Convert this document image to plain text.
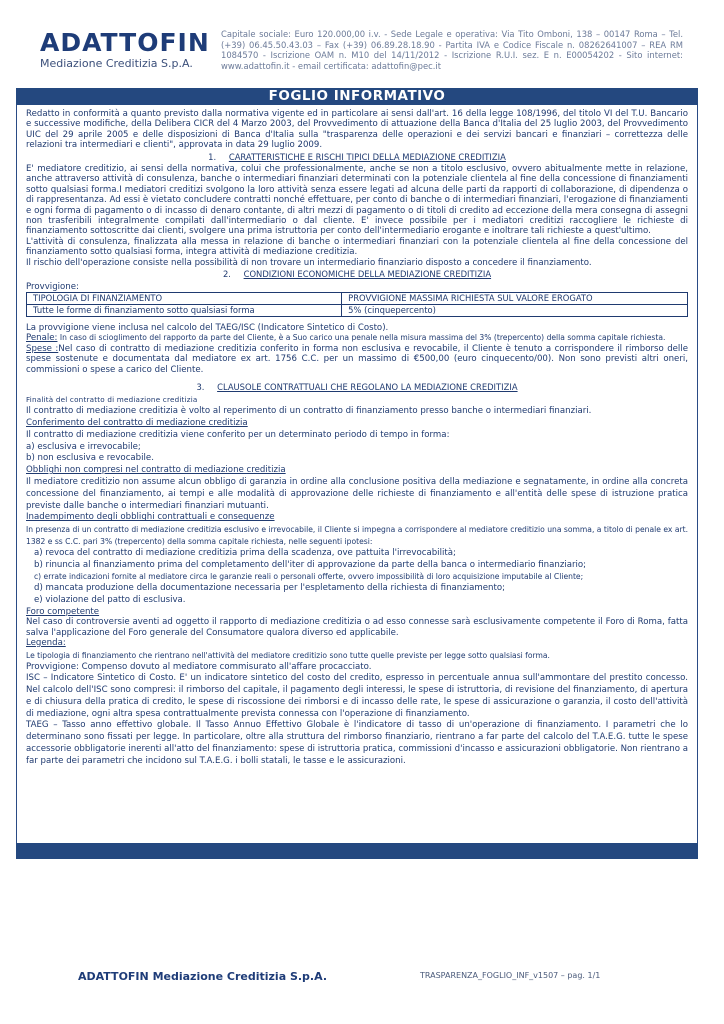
ADATTOFIN
Mediazione Creditizia S.p.A.
Capitale sociale: Euro 120.000,00 i.v. - Sede Legale e operativa: Via Tito Omboni, 138 – 00147 Roma – Tel. (+39) 06.45.50.43.03 – Fax (+39) 06.89.28.18.90 - Partita IVA e Codice Fiscale n. 08262641007 – REA RM 1084570 - Iscrizione OAM n. M10 del 14/11/2012 - Iscrizione R.U.I. sez. E n. E00054202 - Sito internet: www.adattofin.it - email certificata: adattofin@pec.it
FOGLIO INFORMATIVO

Redatto in conformità a quanto previsto dalla normativa vigente ed in particolare ai sensi dall'art. 16 della legge 108/1996, del titolo VI del T.U. Bancario e successive modifiche, della Delibera CICR del 4 Marzo 2003, del Provvedimento di attuazione della Banca d'Italia del 25 luglio 2003, del Provvedimento UIC del 29 aprile 2005 e delle disposizioni di Banca d'Italia sulla "trasparenza delle operazioni e dei servizi bancari e finanziari – correttezza delle relazioni tra intermediari e clienti", approvata in data 29 luglio 2009.

1. CARATTERISTICHE E RISCHI TIPICI DELLA MEDIAZIONE CREDITIZIA

E' mediatore creditizio, ai sensi della normativa, colui che professionalmente, anche se non a titolo esclusivo, ovvero abitualmente mette in relazione, anche attraverso attività di consulenza, banche o intermediari finanziari determinati con la potenziale clientela al fine della concessione di finanziamenti sotto qualsiasi forma.I mediatori creditizi svolgono la loro attività senza essere legati ad alcuna delle parti da rapporti di collaborazione, di dipendenza o di rappresentanza. Ad essi è vietato concludere contratti nonché effettuare, per conto di banche o di intermediari finanziari, l'erogazione di finanziamenti e ogni forma di pagamento o di incasso di denaro contante, di altri mezzi di pagamento o di titoli di credito ad eccezione della mera consegna di assegni non trasferibili integralmente compilati dall'intermediario o dal cliente. E' invece possibile per i mediatori creditizi raccogliere le richieste di finanziamento sottoscritte dai clienti, svolgere una prima istruttoria per conto dell'intermediario erogante e inoltrare tali richieste a quest'ultimo.

L'attività di consulenza, finalizzata alla messa in relazione di banche o intermediari finanziari con la potenziale clientela al fine della concessione del finanziamento sotto qualsiasi forma, integra attività di mediazione creditizia.

Il rischio dell'operazione consiste nella possibilità di non trovare un intermediario finanziario disposto a concedere il finanziamento.

2. CONDIZIONI ECONOMICHE DELLA MEDIAZIONE CREDITIZIA

Provvigione:

TIPOLOGIA DI FINANZIAMENTO	PROVVIGIONE MASSIMA RICHIESTA SUL VALORE EROGATO
Tutte le forme di finanziamento sotto qualsiasi forma	5% (cinquepercento)

La provvigione viene inclusa nel calcolo del TAEG/ISC (Indicatore Sintetico di Costo).

Penale: In caso di scioglimento del rapporto da parte del Cliente, è a Suo carico una penale nella misura massima del 3% (trepercento) della somma capitale richiesta.

Spese :Nel caso di contratto di mediazione creditizia conferito in forma non esclusiva e revocabile, il Cliente è tenuto a corrispondere il rimborso delle spese sostenute e documentata dal mediatore ex art. 1756 C.C. per un massimo di €500,00 (euro cinquecento/00). Non sono previsti altri oneri, commissioni o spese a carico del Cliente.

3. CLAUSOLE CONTRATTUALI CHE REGOLANO LA MEDIAZIONE CREDITIZIA

Finalità del contratto di mediazione creditizia

Il contratto di mediazione creditizia è volto al reperimento di un contratto di finanziamento presso banche o intermediari finanziari.

Conferimento del contratto di mediazione creditizia

Il contratto di mediazione creditizia viene conferito per un determinato periodo di tempo in forma:

a) esclusiva e irrevocabile;
b) non esclusiva e revocabile.

Obblighi non compresi nel contratto di mediazione creditizia

Il mediatore creditizio non assume alcun obbligo di garanzia in ordine alla conclusione positiva della mediazione e segnatamente, in ordine alla concreta concessione del finanziamento, ai tempi e alle modalità di approvazione delle richieste di finanziamento e all'entità delle spese di istruzione pratica previste dalle banche o intermediari finanziari mutuanti.

Inadempimento degli obblighi contrattuali e conseguenze

In presenza di un contratto di mediazione creditizia esclusivo e irrevocabile, il Cliente si impegna a corrispondere al mediatore creditizio una somma, a titolo di penale ex art. 1382 e ss C.C. pari 3% (trepercento) della somma capitale richiesta, nelle seguenti ipotesi:

a) revoca del contratto di mediazione creditizia prima della scadenza, ove pattuita l'irrevocabilità;
b) rinuncia al finanziamento prima del completamento dell'iter di approvazione da parte della banca o intermediario finanziario;
c) errate indicazioni fornite al mediatore circa le garanzie reali o personali offerte, ovvero impossibilità di loro acquisizione imputabile al Cliente;
d) mancata produzione della documentazione necessaria per l'espletamento della richiesta di finanziamento;
e) violazione del patto di esclusiva.

Foro competente

Nel caso di controversie aventi ad oggetto il rapporto di mediazione creditizia o ad esso connesse sarà esclusivamente competente il Foro di Roma, fatta salva l'applicazione del Foro generale del Consumatore qualora diverso ed applicabile.

Legenda:

Le tipologia di finanziamento che rientrano nell'attività del mediatore creditizio sono tutte quelle previste per legge sotto qualsiasi forma.

Provvigione: Compenso dovuto al mediatore commisurato all'affare procacciato.

ISC – Indicatore Sintetico di Costo. E' un indicatore sintetico del costo del credito, espresso in percentuale annua sull'ammontare del prestito concesso. Nel calcolo dell'ISC sono compresi: il rimborso del capitale, il pagamento degli interessi, le spese di istruttoria, di revisione del finanziamento, di apertura e di chiusura della pratica di credito, le spese di riscossione dei rimborsi e di incasso delle rate, le spese di assicurazione o garanzia, il costo dell'attività di mediazione, ogni altra spesa contrattualmente prevista connessa con l'operazione di finanziamento.

TAEG – Tasso anno effettivo globale. Il Tasso Annuo Effettivo Globale è l'indicatore di tasso di un'operazione di finanziamento. I parametri che lo determinano sono fissati per legge. In particolare, oltre alla struttura del rimborso finanziario, rientrano a far parte del calcolo del T.A.E.G. tutte le spese accessorie obbligatorie inerenti all'atto del finanziamento: spese di istruttoria pratica, commissioni d'incasso e assicurazioni obbligatorie. Non rientrano a far parte dei parametri che incidono sul T.A.E.G. i bolli statali, le tasse e le assicurazioni.

ADATTOFIN Mediazione Creditizia S.p.A.	TRASPARENZA_FOGLIO_INF_v1507 – pag. 1/1
